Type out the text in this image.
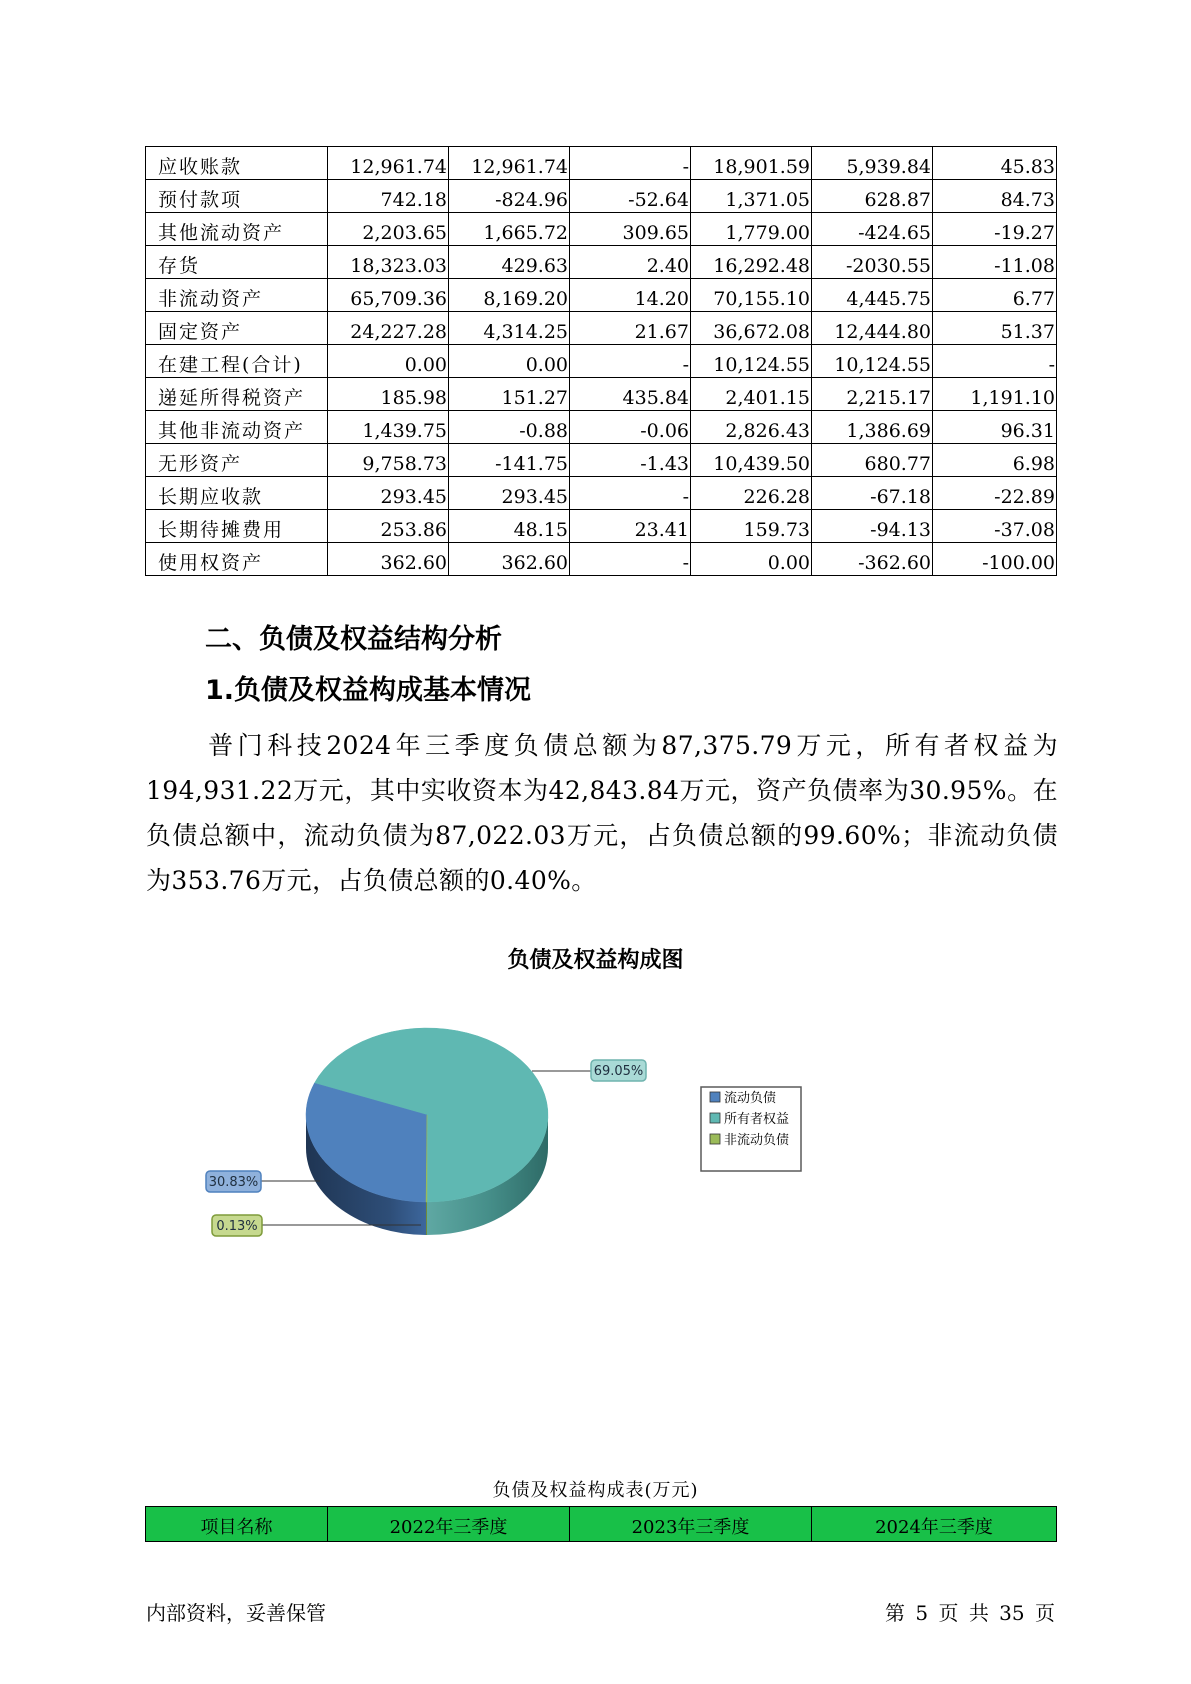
应收账款	12,961.74	12,961.74	-	18,901.59	5,939.84	45.83
预付款项	742.18	-824.96	-52.64	1,371.05	628.87	84.73
其他流动资产	2,203.65	1,665.72	309.65	1,779.00	-424.65	-19.27
存货	18,323.03	429.63	2.40	16,292.48	-2030.55	-11.08
非流动资产	65,709.36	8,169.20	14.20	70,155.10	4,445.75	6.77
固定资产	24,227.28	4,314.25	21.67	36,672.08	12,444.80	51.37
在建工程(合计)	0.00	0.00	-	10,124.55	10,124.55	-
递延所得税资产	185.98	151.27	435.84	2,401.15	2,215.17	1,191.10
其他非流动资产	1,439.75	-0.88	-0.06	2,826.43	1,386.69	96.31
无形资产	9,758.73	-141.75	-1.43	10,439.50	680.77	6.98
长期应收款	293.45	293.45	-	226.28	-67.18	-22.89
长期待摊费用	253.86	48.15	23.41	159.73	-94.13	-37.08
使用权资产	362.60	362.60	-	0.00	-362.60	-100.00
二、负债及权益结构分析
1.负债及权益构成基本情况

普门科技2024年三季度负债总额为87,375.79万元，所有者权益为194,931.22万元，其中实收资本为42,843.84万元，资产负债率为30.95%。在负债总额中，流动负债为87,022.03万元，占负债总额的99.60%；非流动负债为353.76万元，占负债总额的0.40%。

负债及权益构成图
69.05%
30.83%
0.13%
流动负债
所有者权益
非流动负债
负债及权益构成表(万元)
项目名称	2022年三季度	2023年三季度	2024年三季度
内部资料，妥善保管	第 5 页 共 35 页
